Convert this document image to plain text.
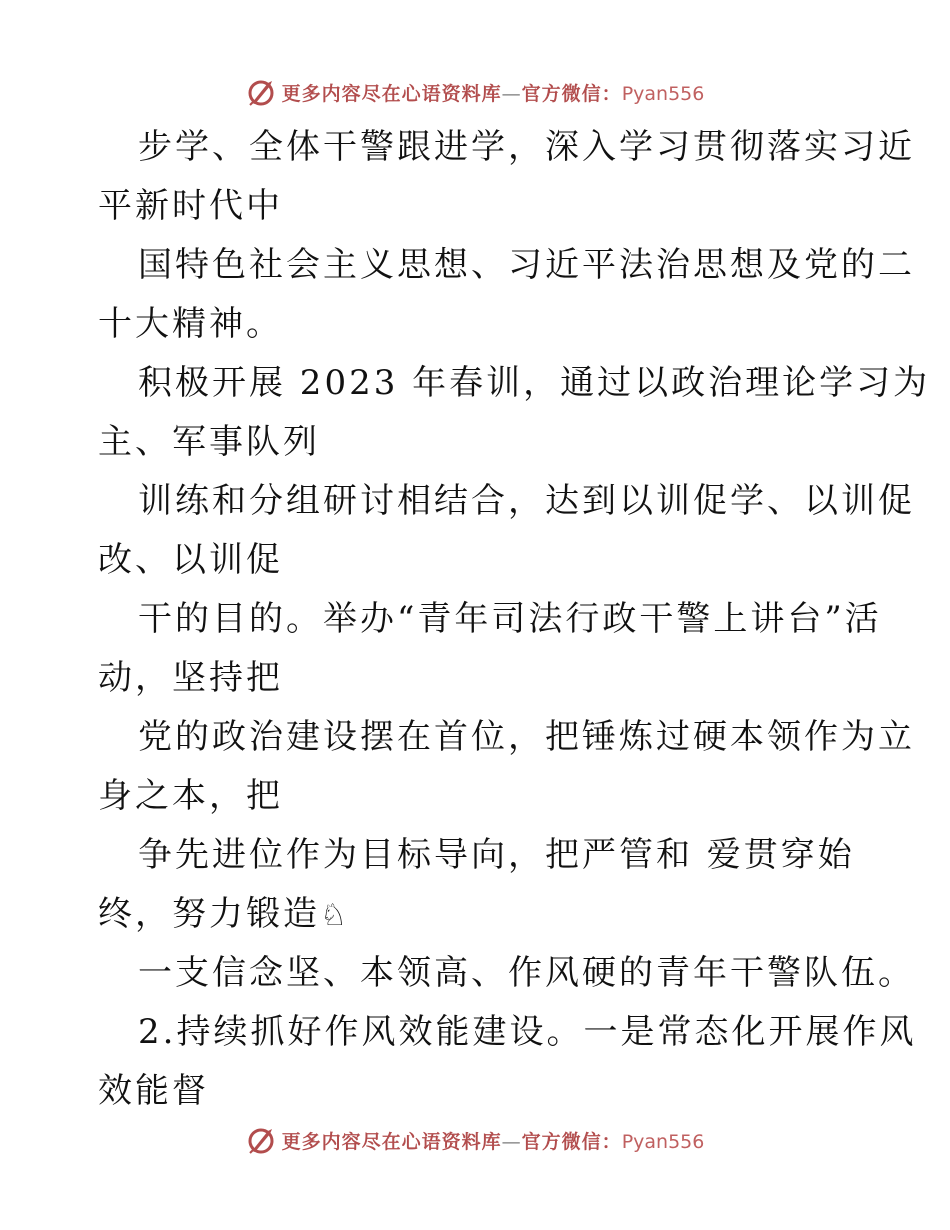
更多内容尽在心语资料库—官方微信：Pyan556
步学、全体干警跟进学，深入学习贯彻落实习近
平新时代中
国特色社会主义思想、习近平法治思想及党的二
十大精神。
积极开展 2023 年春训，通过以政治理论学习为
主、军事队列
训练和分组研讨相结合，达到以训促学、以训促
改、以训促
干的目的。举办“青年司法行政干警上讲台”活
动，坚持把
党的政治建设摆在首位，把锤炼过硬本领作为立
身之本，把
争先进位作为目标导向，把严管和 爱贯穿始
终，努力锻造♘
一支信念坚、本领高、作风硬的青年干警队伍。
2.持续抓好作风效能建设。一是常态化开展作风
效能督
更多内容尽在心语资料库—官方微信：Pyan556
